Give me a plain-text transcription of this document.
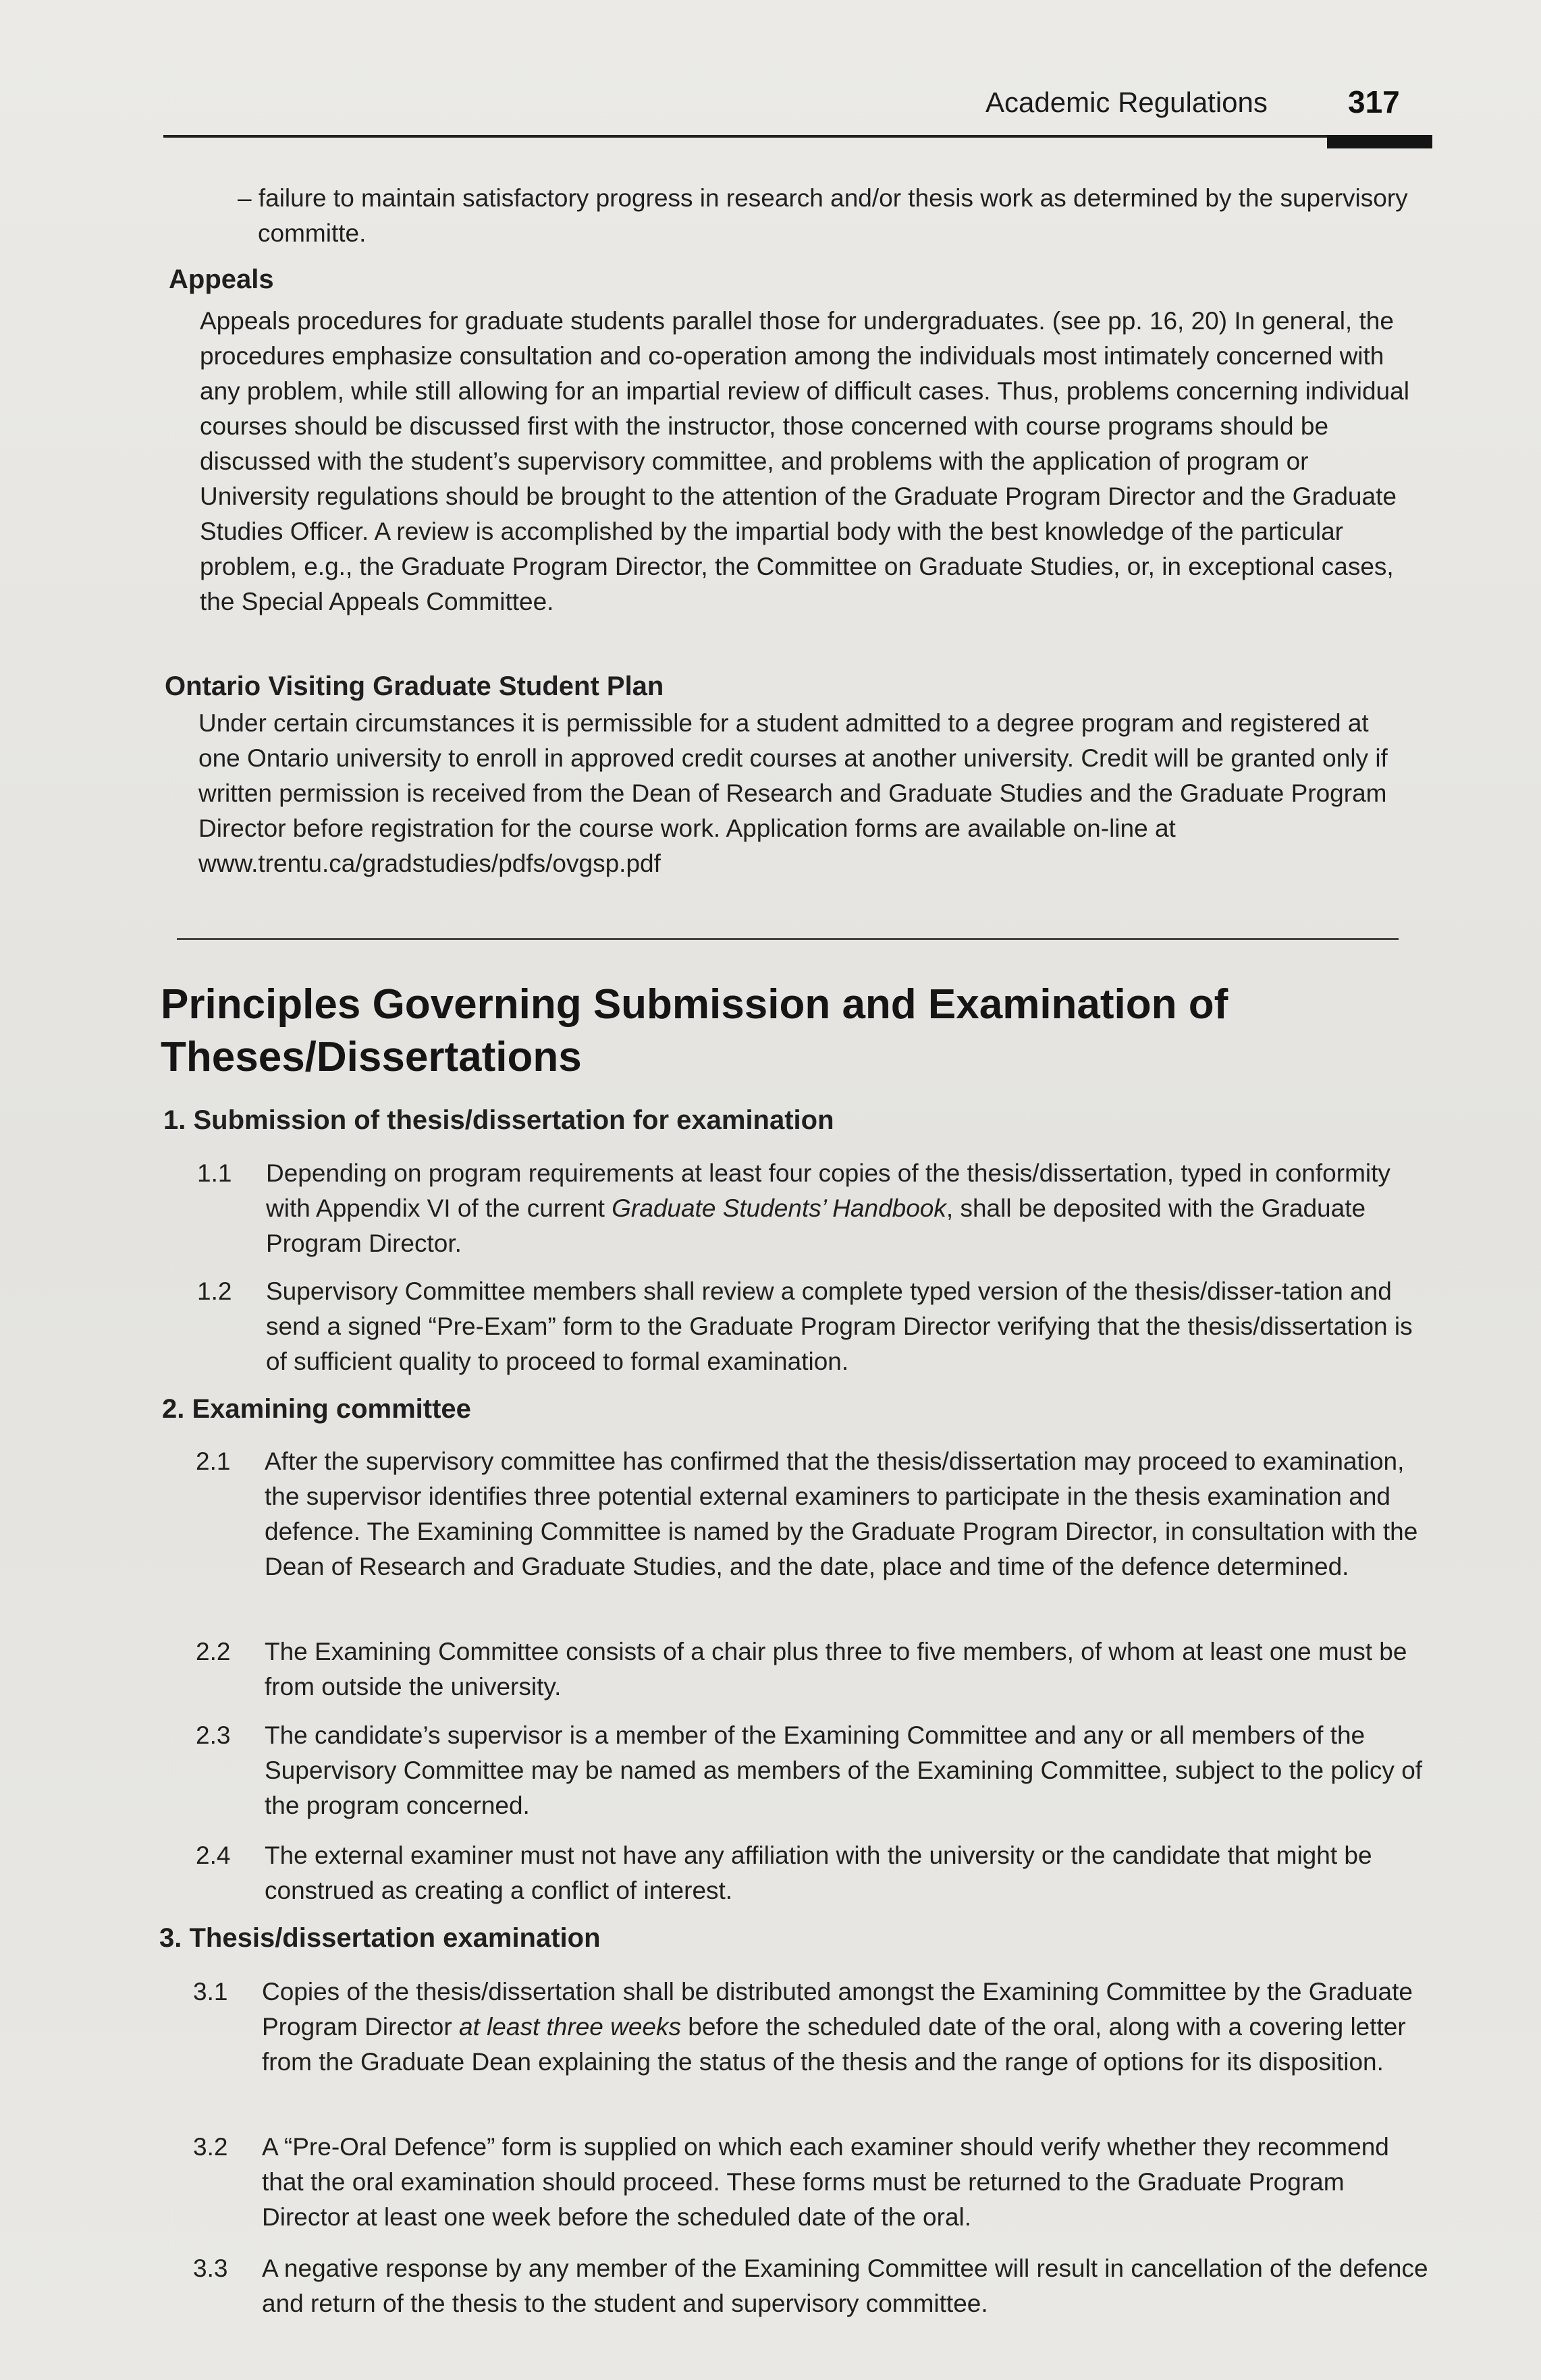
Academic Regulations	317

– failure to maintain satisfactory progress in research and/or thesis work as determined by the supervisory committe.

Appeals

Appeals procedures for graduate students parallel those for undergraduates. (see pp. 16, 20) In general, the procedures emphasize consultation and co-operation among the individuals most intimately concerned with any problem, while still allowing for an impartial review of difficult cases. Thus, problems concerning individual courses should be discussed first with the instructor, those concerned with course programs should be discussed with the student’s supervisory committee, and problems with the application of program or University regulations should be brought to the attention of the Graduate Program Director and the Graduate Studies Officer. A review is accomplished by the impartial body with the best knowledge of the particular problem, e.g., the Graduate Program Director, the Committee on Graduate Studies, or, in exceptional cases, the Special Appeals Committee.

Ontario Visiting Graduate Student Plan

Under certain circumstances it is permissible for a student admitted to a degree program and registered at one Ontario university to enroll in approved credit courses at another university. Credit will be granted only if written permission is received from the Dean of Research and Graduate Studies and the Graduate Program Director before registration for the course work. Application forms are available on-line at www.trentu.ca/gradstudies/pdfs/ovgsp.pdf

Principles Governing Submission and Examination of Theses/Dissertations
1. Submission of thesis/dissertation for examination
1.1 Depending on program requirements at least four copies of the thesis/dissertation, typed in conformity with Appendix VI of the current Graduate Students’ Handbook, shall be deposited with the Graduate Program Director.

1.2 Supervisory Committee members shall review a complete typed version of the thesis/disser-tation and send a signed “Pre-Exam” form to the Graduate Program Director verifying that the thesis/dissertation is of sufficient quality to proceed to formal examination.

2. Examining committee
2.1 After the supervisory committee has confirmed that the thesis/dissertation may proceed to examination, the supervisor identifies three potential external examiners to participate in the thesis examination and defence. The Examining Committee is named by the Graduate Program Director, in consultation with the Dean of Research and Graduate Studies, and the date, place and time of the defence determined.

2.2 The Examining Committee consists of a chair plus three to five members, of whom at least one must be from outside the university.

2.3 The candidate’s supervisor is a member of the Examining Committee and any or all members of the Supervisory Committee may be named as members of the Examining Committee, subject to the policy of the program concerned.

2.4 The external examiner must not have any affiliation with the university or the candidate that might be construed as creating a conflict of interest.

3. Thesis/dissertation examination
3.1 Copies of the thesis/dissertation shall be distributed amongst the Examining Committee by the Graduate Program Director at least three weeks before the scheduled date of the oral, along with a covering letter from the Graduate Dean explaining the status of the thesis and the range of options for its disposition.

3.2 A “Pre-Oral Defence” form is supplied on which each examiner should verify whether they recommend that the oral examination should proceed. These forms must be returned to the Graduate Program Director at least one week before the scheduled date of the oral.

3.3 A negative response by any member of the Examining Committee will result in cancellation of the defence and return of the thesis to the student and supervisory committee.
